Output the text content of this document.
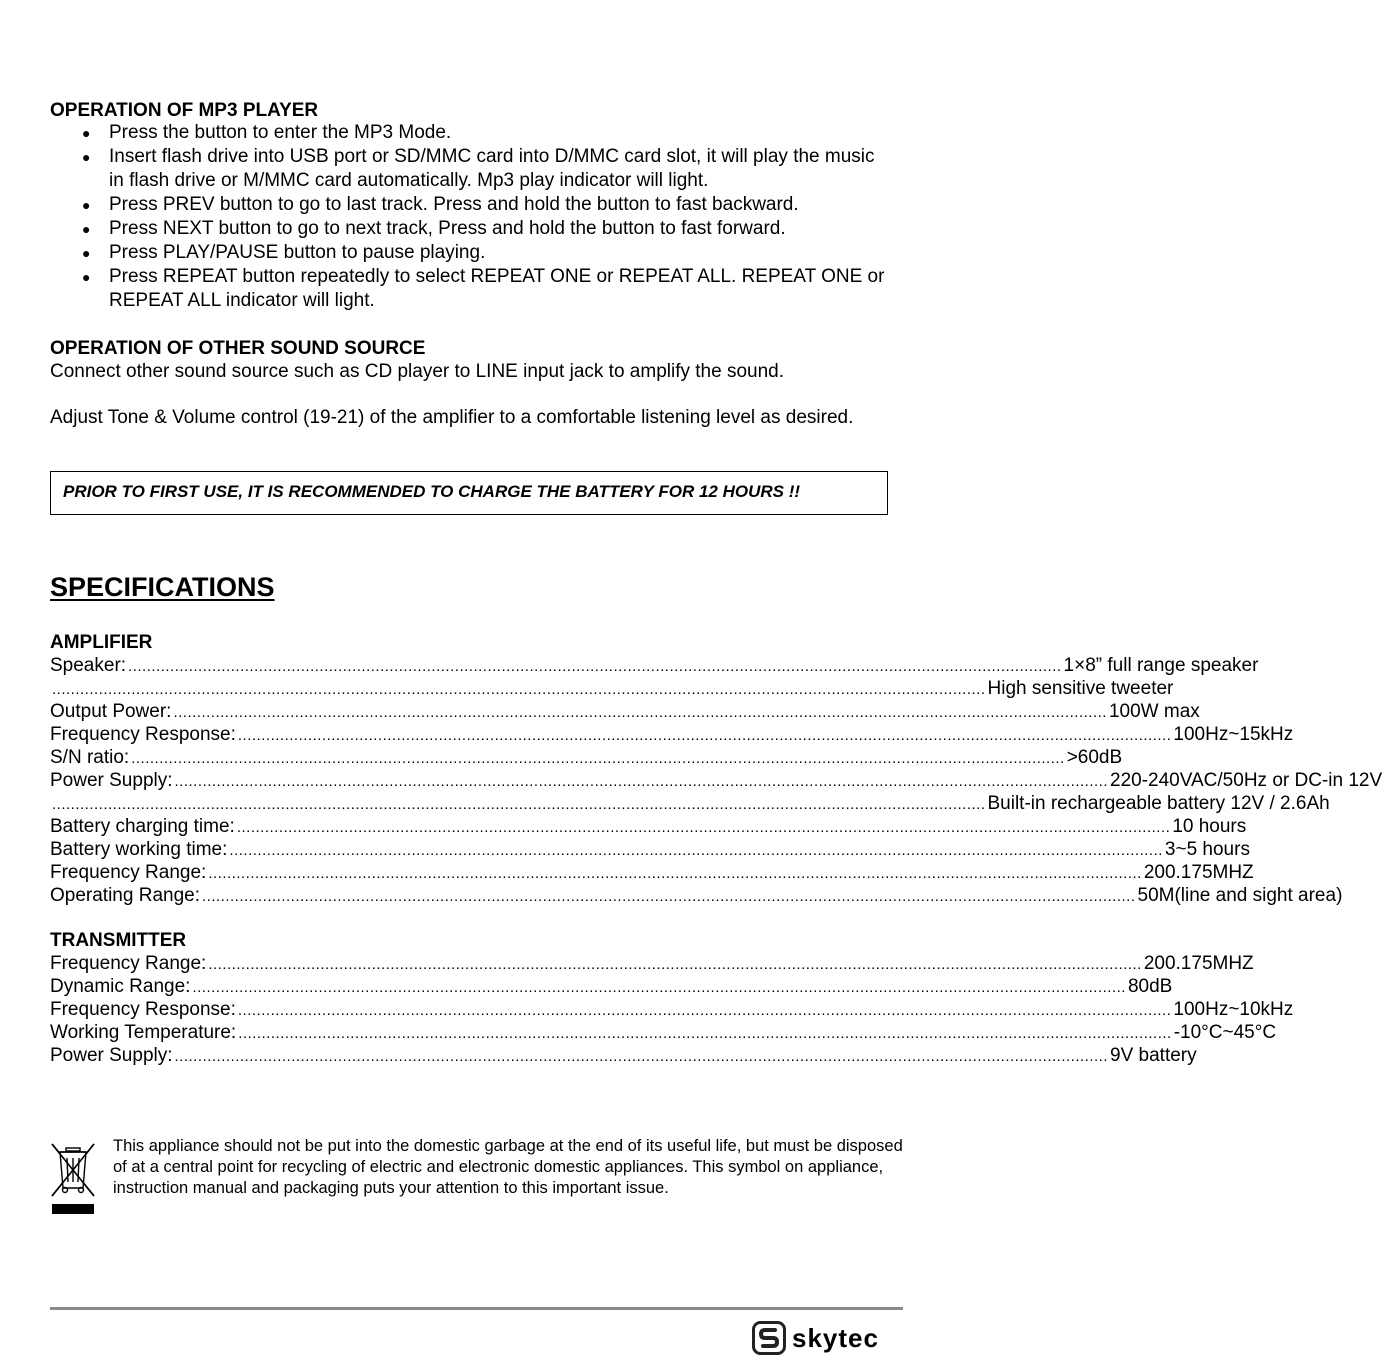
OPERATION OF MP3 PLAYER
● Press the button to enter the MP3 Mode.
● Insert flash drive into USB port or SD/MMC card into D/MMC card slot, it will play the music in flash drive or M/MMC card automatically. Mp3 play indicator will light.
● Press PREV button to go to last track. Press and hold the button to fast backward.
● Press NEXT button to go to next track, Press and hold the button to fast forward.
● Press PLAY/PAUSE button to pause playing.
● Press REPEAT button repeatedly to select REPEAT ONE or REPEAT ALL. REPEAT ONE or REPEAT ALL indicator will light.
OPERATION OF OTHER SOUND SOURCE
Connect other sound source such as CD player to LINE input jack to amplify the sound.
Adjust Tone & Volume control (19-21) of the amplifier to a comfortable listening level as desired.
PRIOR TO FIRST USE, IT IS RECOMMENDED TO CHARGE THE BATTERY FOR 12 HOURS !!
SPECIFICATIONS
AMPLIFIER
Speaker: ........................................................................................................................................................................................................ 1×8” full range speaker
........................................................................................................................................................................................................ High sensitive tweeter
Output Power: ........................................................................................................................................................................................................ 100W max
Frequency Response: ........................................................................................................................................................................................................ 100Hz~15kHz
S/N ratio: ........................................................................................................................................................................................................ >60dB
Power Supply: ........................................................................................................................................................................................................ 220-240VAC/50Hz or DC-in 12V
........................................................................................................................................................................................................ Built-in rechargeable battery 12V / 2.6Ah
Battery charging time: ........................................................................................................................................................................................................ 10 hours
Battery working time: ........................................................................................................................................................................................................ 3~5 hours
Frequency Range: ........................................................................................................................................................................................................ 200.175MHZ
Operating Range: ........................................................................................................................................................................................................ 50M(line and sight area)
TRANSMITTER
Frequency Range: ........................................................................................................................................................................................................ 200.175MHZ
Dynamic Range: ........................................................................................................................................................................................................ 80dB
Frequency Response: ........................................................................................................................................................................................................ 100Hz~10kHz
Working Temperature: ........................................................................................................................................................................................................ -10°C~45°C
Power Supply: ........................................................................................................................................................................................................ 9V battery
This appliance should not be put into the domestic garbage at the end of its useful life, but must be disposed of at a central point for recycling of electric and electronic domestic appliances. This symbol on appliance, instruction manual and packaging puts your attention to this important issue.
skytec
